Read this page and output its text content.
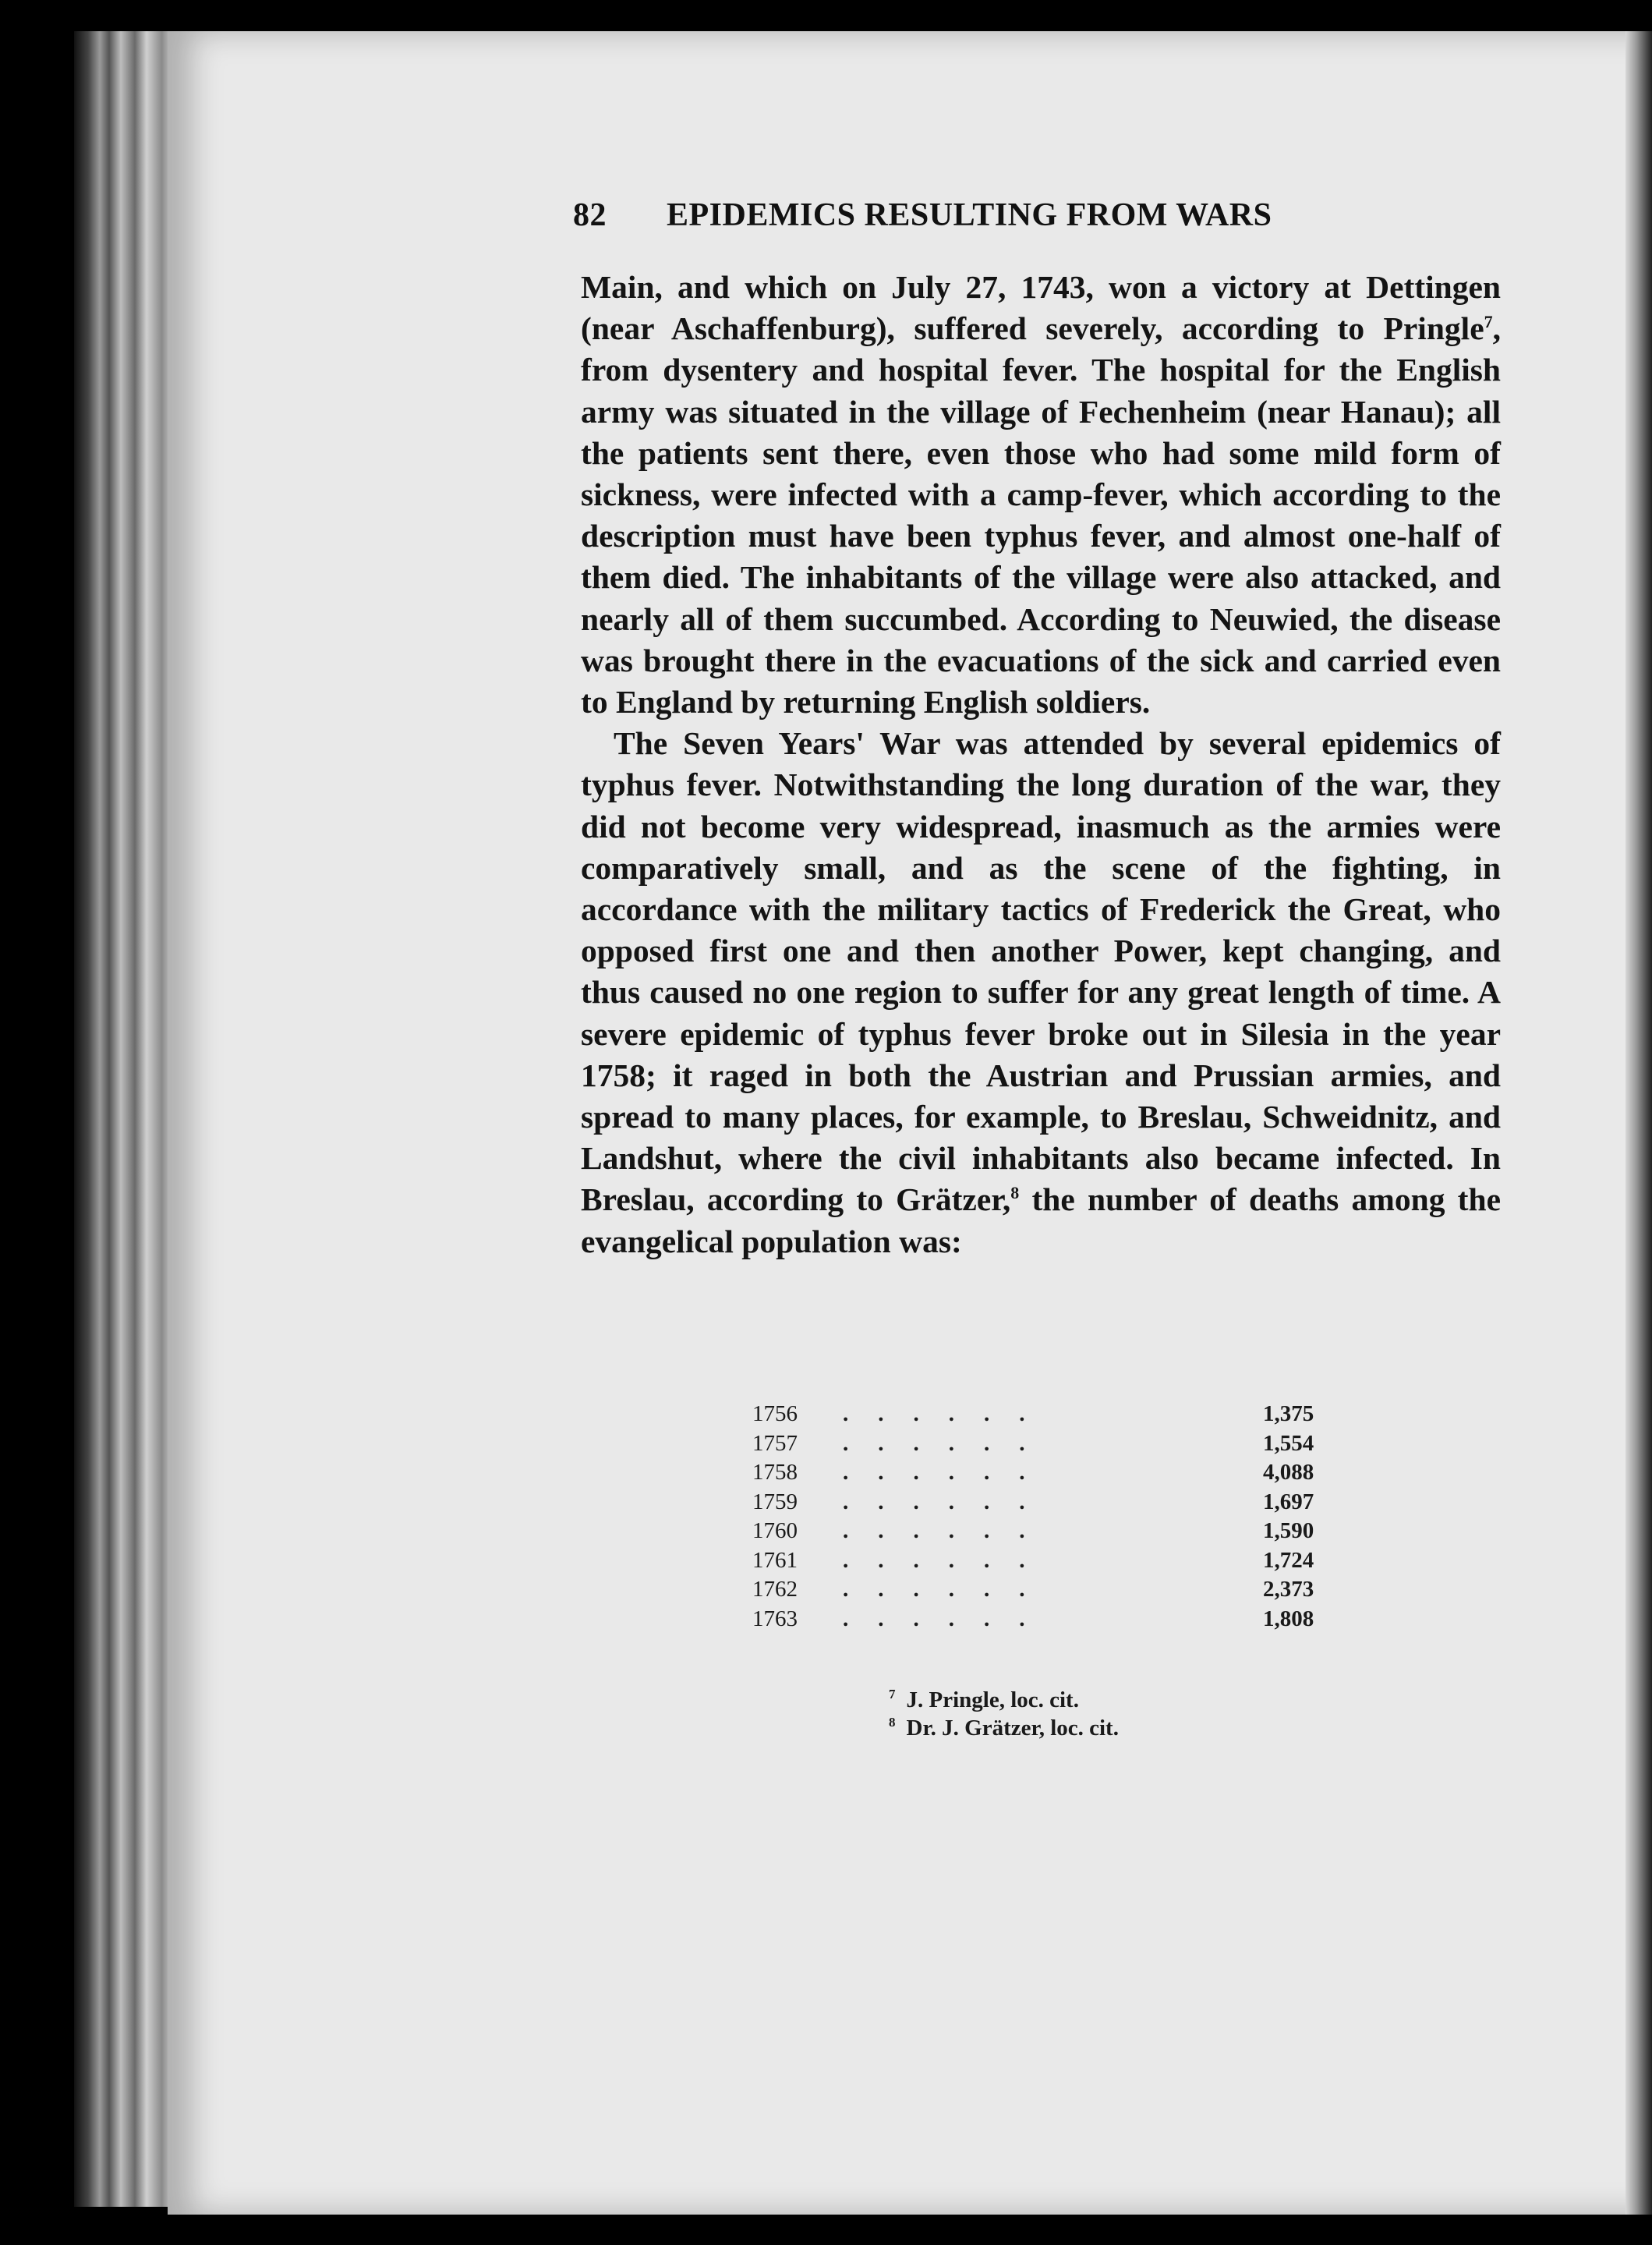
82	EPIDEMICS RESULTING FROM WARS

Main, and which on July 27, 1743, won a victory at Dettingen (near Aschaffenburg), suffered severely, according to Pringle$^7$, from dysentery and hospital fever. The hospital for the English army was situated in the village of Fechenheim (near Hanau); all the patients sent there, even those who had some mild form of sickness, were infected with a camp-fever, which according to the description must have been typhus fever, and almost one-half of them died. The inhabitants of the village were also attacked, and nearly all of them succumbed. According to Neuwied, the disease was brought there in the evacuations of the sick and carried even to England by returning English soldiers.

The Seven Years' War was attended by several epidemics of typhus fever. Notwithstanding the long duration of the war, they did not become very widespread, inasmuch as the armies were comparatively small, and as the scene of the fighting, in accordance with the military tactics of Frederick the Great, who opposed first one and then another Power, kept changing, and thus caused no one region to suffer for any great length of time. A severe epidemic of typhus fever broke out in Silesia in the year 1758; it raged in both the Austrian and Prussian armies, and spread to many places, for example, to Breslau, Schweidnitz, and Landshut, where the civil inhabitants also became infected. In Breslau, according to Grätzer,$^8$ the number of deaths among the evangelical population was:

1756	......	1,375
1757	......	1,554
1758	......	4,088
1759	......	1,697
1760	......	1,590
1761	......	1,724
1762	......	2,373
1763	......	1,808
$^7$ J. Pringle, loc. cit.
$^8$ Dr. J. Grätzer, loc. cit.
